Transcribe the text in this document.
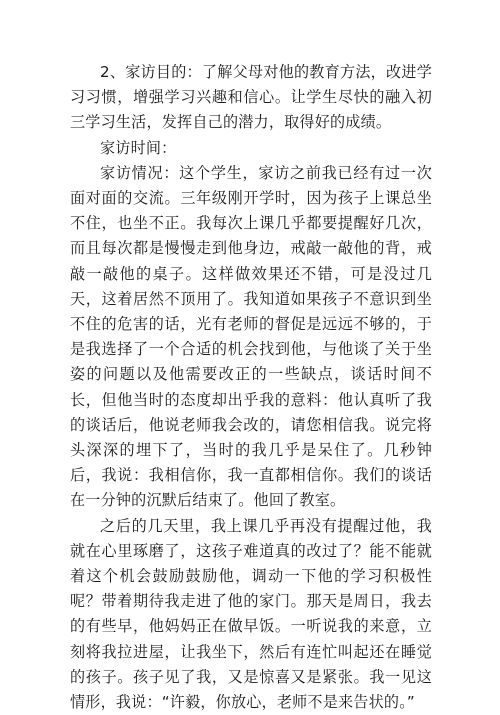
2、家访目的：了解父母对他的教育方法，改进学习习惯，增强学习兴趣和信心。让学生尽快的融入初三学习生活，发挥自己的潜力，取得好的成绩。

家访时间：

家访情况：这个学生，家访之前我已经有过一次面对面的交流。三年级刚开学时，因为孩子上课总坐不住，也坐不正。我每次上课几乎都要提醒好几次，而且每次都是慢慢走到他身边，戒敲一敲他的背，戒敲一敲他的桌子。这样做效果还不错，可是没过几天，这着居然不顶用了。我知道如果孩子不意识到坐不住的危害的话，光有老师的督促是远远不够的，于是我选择了一个合适的机会找到他，与他谈了关于坐姿的问题以及他需要改正的一些缺点，谈话时间不长，但他当时的态度却出乎我的意料：他认真听了我的谈话后，他说老师我会改的，请您相信我。说完将头深深的埋下了，当时的我几乎是呆住了。几秒钟后，我说：我相信你，我一直都相信你。我们的谈话在一分钟的沉默后结束了。他回了教室。

之后的几天里，我上课几乎再没有提醒过他，我就在心里琢磨了，这孩子难道真的改过了？能不能就着这个机会鼓励鼓励他，调动一下他的学习积极性呢？带着期待我走进了他的家门。那天是周日，我去的有些早，他妈妈正在做早饭。一听说我的来意，立刻将我拉进屋，让我坐下，然后有连忙叫起还在睡觉的孩子。孩子见了我，又是惊喜又是紧张。我一见这情形，我说：“许毅，你放心，老师不是来告状的。”
